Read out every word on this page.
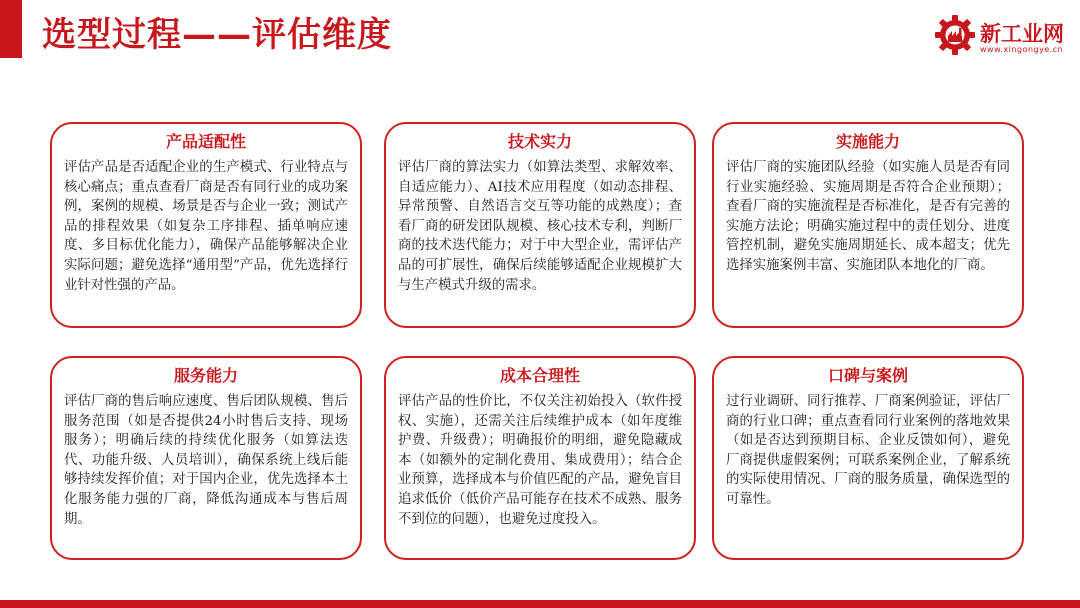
选型过程——评估维度	新工业网
www.xingongye.cn
产品适配性

评估产品是否适配企业的生产模式、行业特点与核心痛点；重点查看厂商是否有同行业的成功案例，案例的规模、场景是否与企业一致；测试产品的排程效果（如复杂工序排程、插单响应速度、多目标优化能力），确保产品能够解决企业实际问题；避免选择“通用型”产品，优先选择行业针对性强的产品。

技术实力

评估厂商的算法实力（如算法类型、求解效率、自适应能力）、AI技术应用程度（如动态排程、异常预警、自然语言交互等功能的成熟度）；查看厂商的研发团队规模、核心技术专利，判断厂商的技术迭代能力；对于中大型企业，需评估产品的可扩展性，确保后续能够适配企业规模扩大与生产模式升级的需求。

实施能力

评估厂商的实施团队经验（如实施人员是否有同行业实施经验、实施周期是否符合企业预期）；查看厂商的实施流程是否标准化，是否有完善的实施方法论；明确实施过程中的责任划分、进度管控机制，避免实施周期延长、成本超支；优先选择实施案例丰富、实施团队本地化的厂商。

服务能力

评估厂商的售后响应速度、售后团队规模、售后服务范围（如是否提供24小时售后支持、现场服务）；明确后续的持续优化服务（如算法迭代、功能升级、人员培训），确保系统上线后能够持续发挥价值；对于国内企业，优先选择本土化服务能力强的厂商，降低沟通成本与售后周期。

成本合理性

评估产品的性价比，不仅关注初始投入（软件授权、实施），还需关注后续维护成本（如年度维护费、升级费）；明确报价的明细，避免隐藏成本（如额外的定制化费用、集成费用）；结合企业预算，选择成本与价值匹配的产品，避免盲目追求低价（低价产品可能存在技术不成熟、服务不到位的问题），也避免过度投入。

口碑与案例

过行业调研、同行推荐、厂商案例验证，评估厂商的行业口碑；重点查看同行业案例的落地效果（如是否达到预期目标、企业反馈如何），避免厂商提供虚假案例；可联系案例企业，了解系统的实际使用情况、厂商的服务质量，确保选型的可靠性。
